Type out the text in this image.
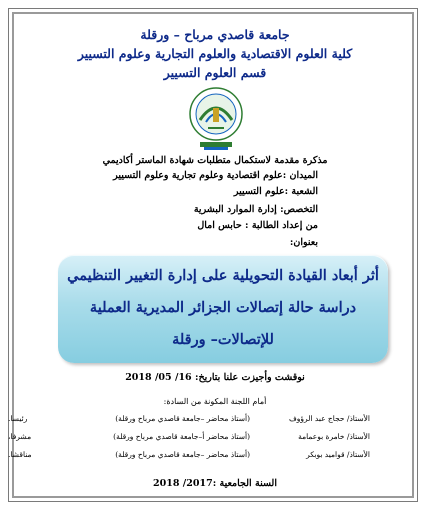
جامعة قاصدي مرباح – ورقلة
كلية العلوم الاقتصادية والعلوم التجارية وعلوم التسيير
قسم العلوم التسيير
مذكرة مقدمة لاستكمال متطلبات شهادة الماستر أكاديمي
الميدان :علوم اقتصادية وعلوم تجارية وعلوم التسيير
الشعبة :علوم التسيير
التخصص: إدارة الموارد البشرية
من إعداد الطالبة : حابس امال
بعنوان:
أثر أبعاد القيادة التحويلية على إدارة التغيير التنظيمي
دراسة حالة إتصالات الجزائر المديرية العملية
للإتصالات– ورقلة
نوقشت وأجيزت علنا بتاريخ: 16/ 05/ 2018
أمام اللجنة المكونة من السادة:
الأستاذ/ حجاج عبد الرؤوف
(أستاذ محاضر –جامعة قاصدي مرباح ورقلة)
رئيسا.
الأستاذ/ خامرة بوعمامة
(أستاذ محاضر أ–جامعة قاصدي مرباح ورقلة)
مشرفا،
الأستاذ/ قواميد بوبكر
(أستاذ محاضر –جامعة قاصدي مرباح ورقلة)
مناقشا.
السنة الجامعية :2017/ 2018
